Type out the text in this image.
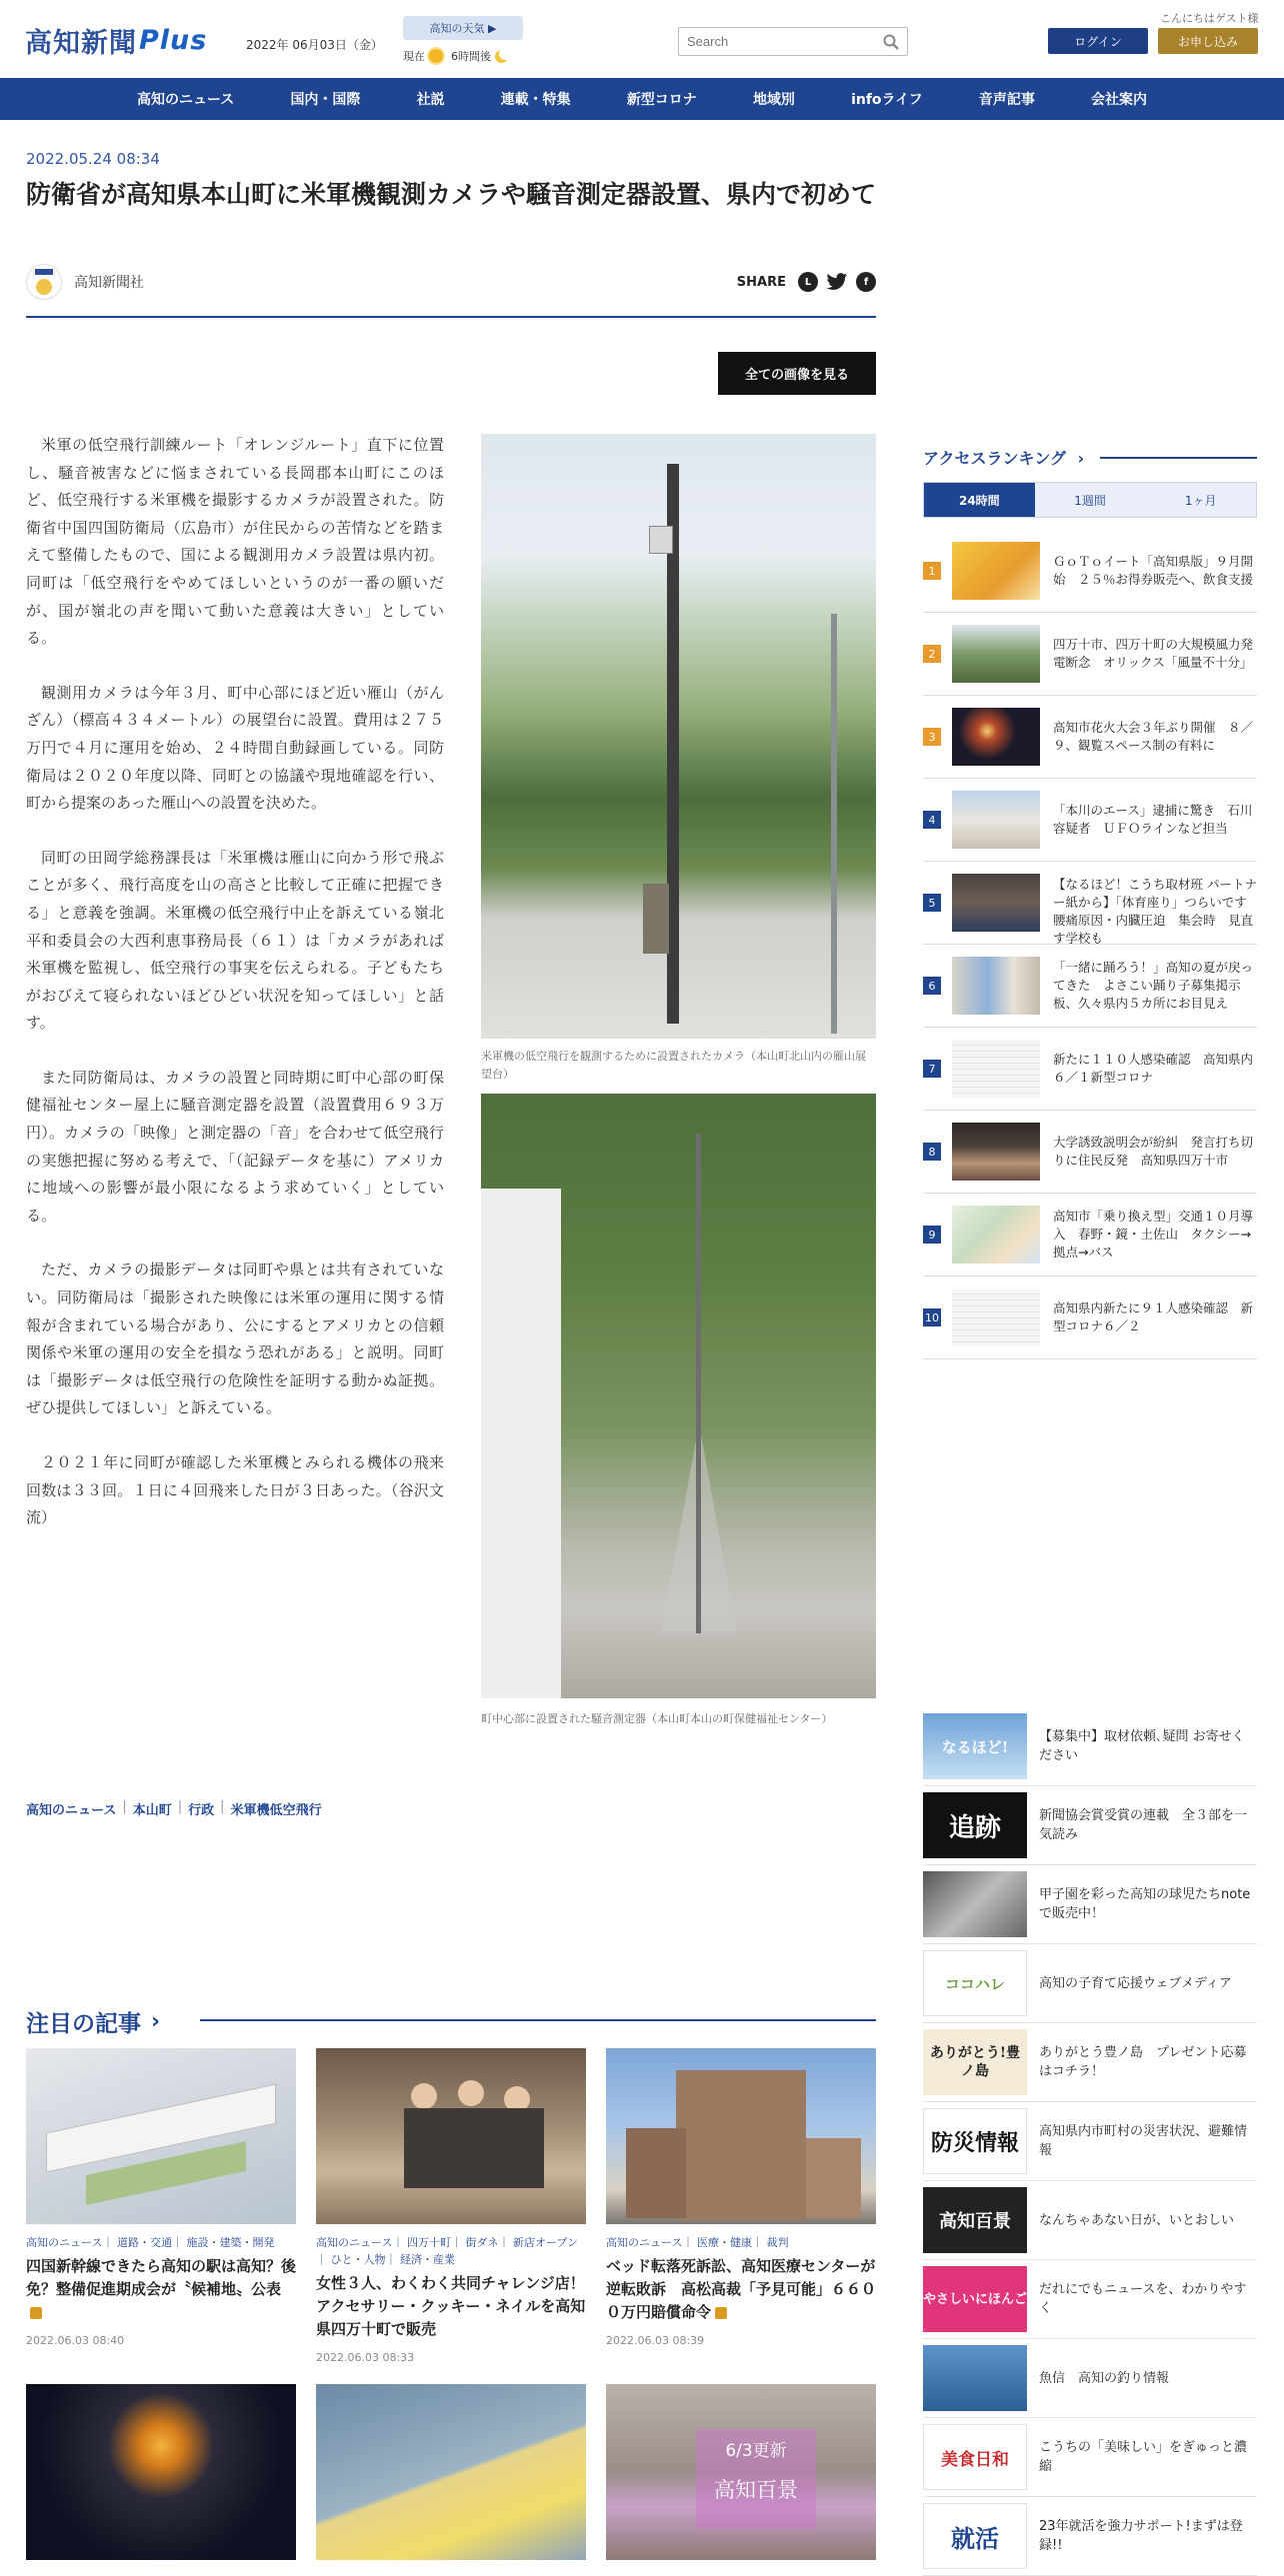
高知新聞 Plus	2022年 06月03日（金）
高知の天気 ▶
現在 6時間後
Search
こんにちはゲスト様
ログイン	お申し込み
高知のニュース	国内・国際	社説	連載・特集	新型コロナ	地域別	infoライフ	音声記事	会社案内
2022.05.24 08:34
防衛省が高知県本山町に米軍機観測カメラや騒音測定器設置、県内で初めて
高知新聞社	SHARE	L	f
全ての画像を見る

米軍の低空飛行訓練ルート「オレンジルート」直下に位置し、騒音被害などに悩まされている長岡郡本山町にこのほど、低空飛行する米軍機を撮影するカメラが設置された。防衛省中国四国防衛局（広島市）が住民からの苦情などを踏まえて整備したもので、国による観測用カメラ設置は県内初。同町は「低空飛行をやめてほしいというのが一番の願いだが、国が嶺北の声を聞いて動いた意義は大きい」としている。

観測用カメラは今年３月、町中心部にほど近い雁山（がんざん）（標高４３４メートル）の展望台に設置。費用は２７５万円で４月に運用を始め、２４時間自動録画している。同防衛局は２０２０年度以降、同町との協議や現地確認を行い、町から提案のあった雁山への設置を決めた。

同町の田岡学総務課長は「米軍機は雁山に向かう形で飛ぶことが多く、飛行高度を山の高さと比較して正確に把握できる」と意義を強調。米軍機の低空飛行中止を訴えている嶺北平和委員会の大西利恵事務局長（６１）は「カメラがあれば米軍機を監視し、低空飛行の事実を伝えられる。子どもたちがおびえて寝られないほどひどい状況を知ってほしい」と話す。

また同防衛局は、カメラの設置と同時期に町中心部の町保健福祉センター屋上に騒音測定器を設置（設置費用６９３万円）。カメラの「映像」と測定器の「音」を合わせて低空飛行の実態把握に努める考えで、「（記録データを基に）アメリカに地域への影響が最小限になるよう求めていく」としている。

ただ、カメラの撮影データは同町や県とは共有されていない。同防衛局は「撮影された映像には米軍の運用に関する情報が含まれている場合があり、公にするとアメリカとの信頼関係や米軍の運用の安全を損なう恐れがある」と説明。同町は「撮影データは低空飛行の危険性を証明する動かぬ証拠。ぜひ提供してほしい」と訴えている。

２０２１年に同町が確認した米軍機とみられる機体の飛来回数は３３回。１日に４回飛来した日が３日あった。（谷沢文流）

米軍機の低空飛行を観測するために設置されたカメラ（本山町北山内の雁山展望台）
町中心部に設置された騒音測定器（本山町本山の町保健福祉センター）
高知のニュース | 本山町 | 行政 | 米軍機低空飛行
注目の記事 ›
高知のニュース｜ 道路・交通｜ 施設・建築・開発
四国新幹線できたら高知の駅は高知？後免？整備促進期成会が〝候補地〟公表
2022.06.03 08:40
高知のニュース｜ 四万十町｜ 街ダネ｜ 新店オープン｜ ひと・人物｜ 経済・産業
女性３人、わくわく共同チャレンジ店！アクセサリー・クッキー・ネイルを高知県四万十町で販売
2022.06.03 08:33
高知のニュース｜ 医療・健康｜ 裁判
ベッド転落死訴訟、高知医療センターが逆転敗訴　高松高裁「予見可能」６６００万円賠償命令
2022.06.03 08:39
6/3更新
高知百景
アクセスランキング ›
24時間	1週間	1ヶ月
1
ＧｏＴｏイート「高知県版」９月開始　２５％お得券販売へ、飲食支援
2
四万十市、四万十町の大規模風力発電断念　オリックス「風量不十分」
3
高知市花火大会３年ぶり開催　８／９、観覧スペース制の有料に
4
「本川のエース」逮捕に驚き　石川容疑者　ＵＦＯラインなど担当
5
【なるほど！こうち取材班 パートナー紙から】「体育座り」つらいです　腰痛原因・内臓圧迫　集会時　見直す学校も
6
「一緒に踊ろう！」高知の夏が戻ってきた　よさこい踊り子募集掲示板、久々県内５カ所にお目見え
7
新たに１１０人感染確認　高知県内６／１新型コロナ
8
大学誘致説明会が紛糾　発言打ち切りに住民反発　高知県四万十市
9
高知市「乗り換え型」交通１０月導入　春野・鏡・土佐山　タクシー→拠点→バス
10
高知県内新たに９１人感染確認　新型コロナ６／２
なるほど!
【募集中】取材依頼､疑問 お寄せください
追跡	新聞協会賞受賞の連載　全３部を一気読み
甲子園を彩った高知の球児たちnoteで販売中！
ココハレ	高知の子育て応援ウェブメディア
ありがとう!豊ノ島
ありがとう豊ノ島　プレゼント応募はコチラ！
防災情報	高知県内市町村の災害状況、避難情報
高知百景	なんちゃあない日が、いとおしい
やさしいにほんご
だれにでもニュースを、わかりやすく
魚信　高知の釣り情報
美食日和
こうちの「美味しい」をぎゅっと濃縮
就活	23年就活を強力サポート!まずは登録!!
